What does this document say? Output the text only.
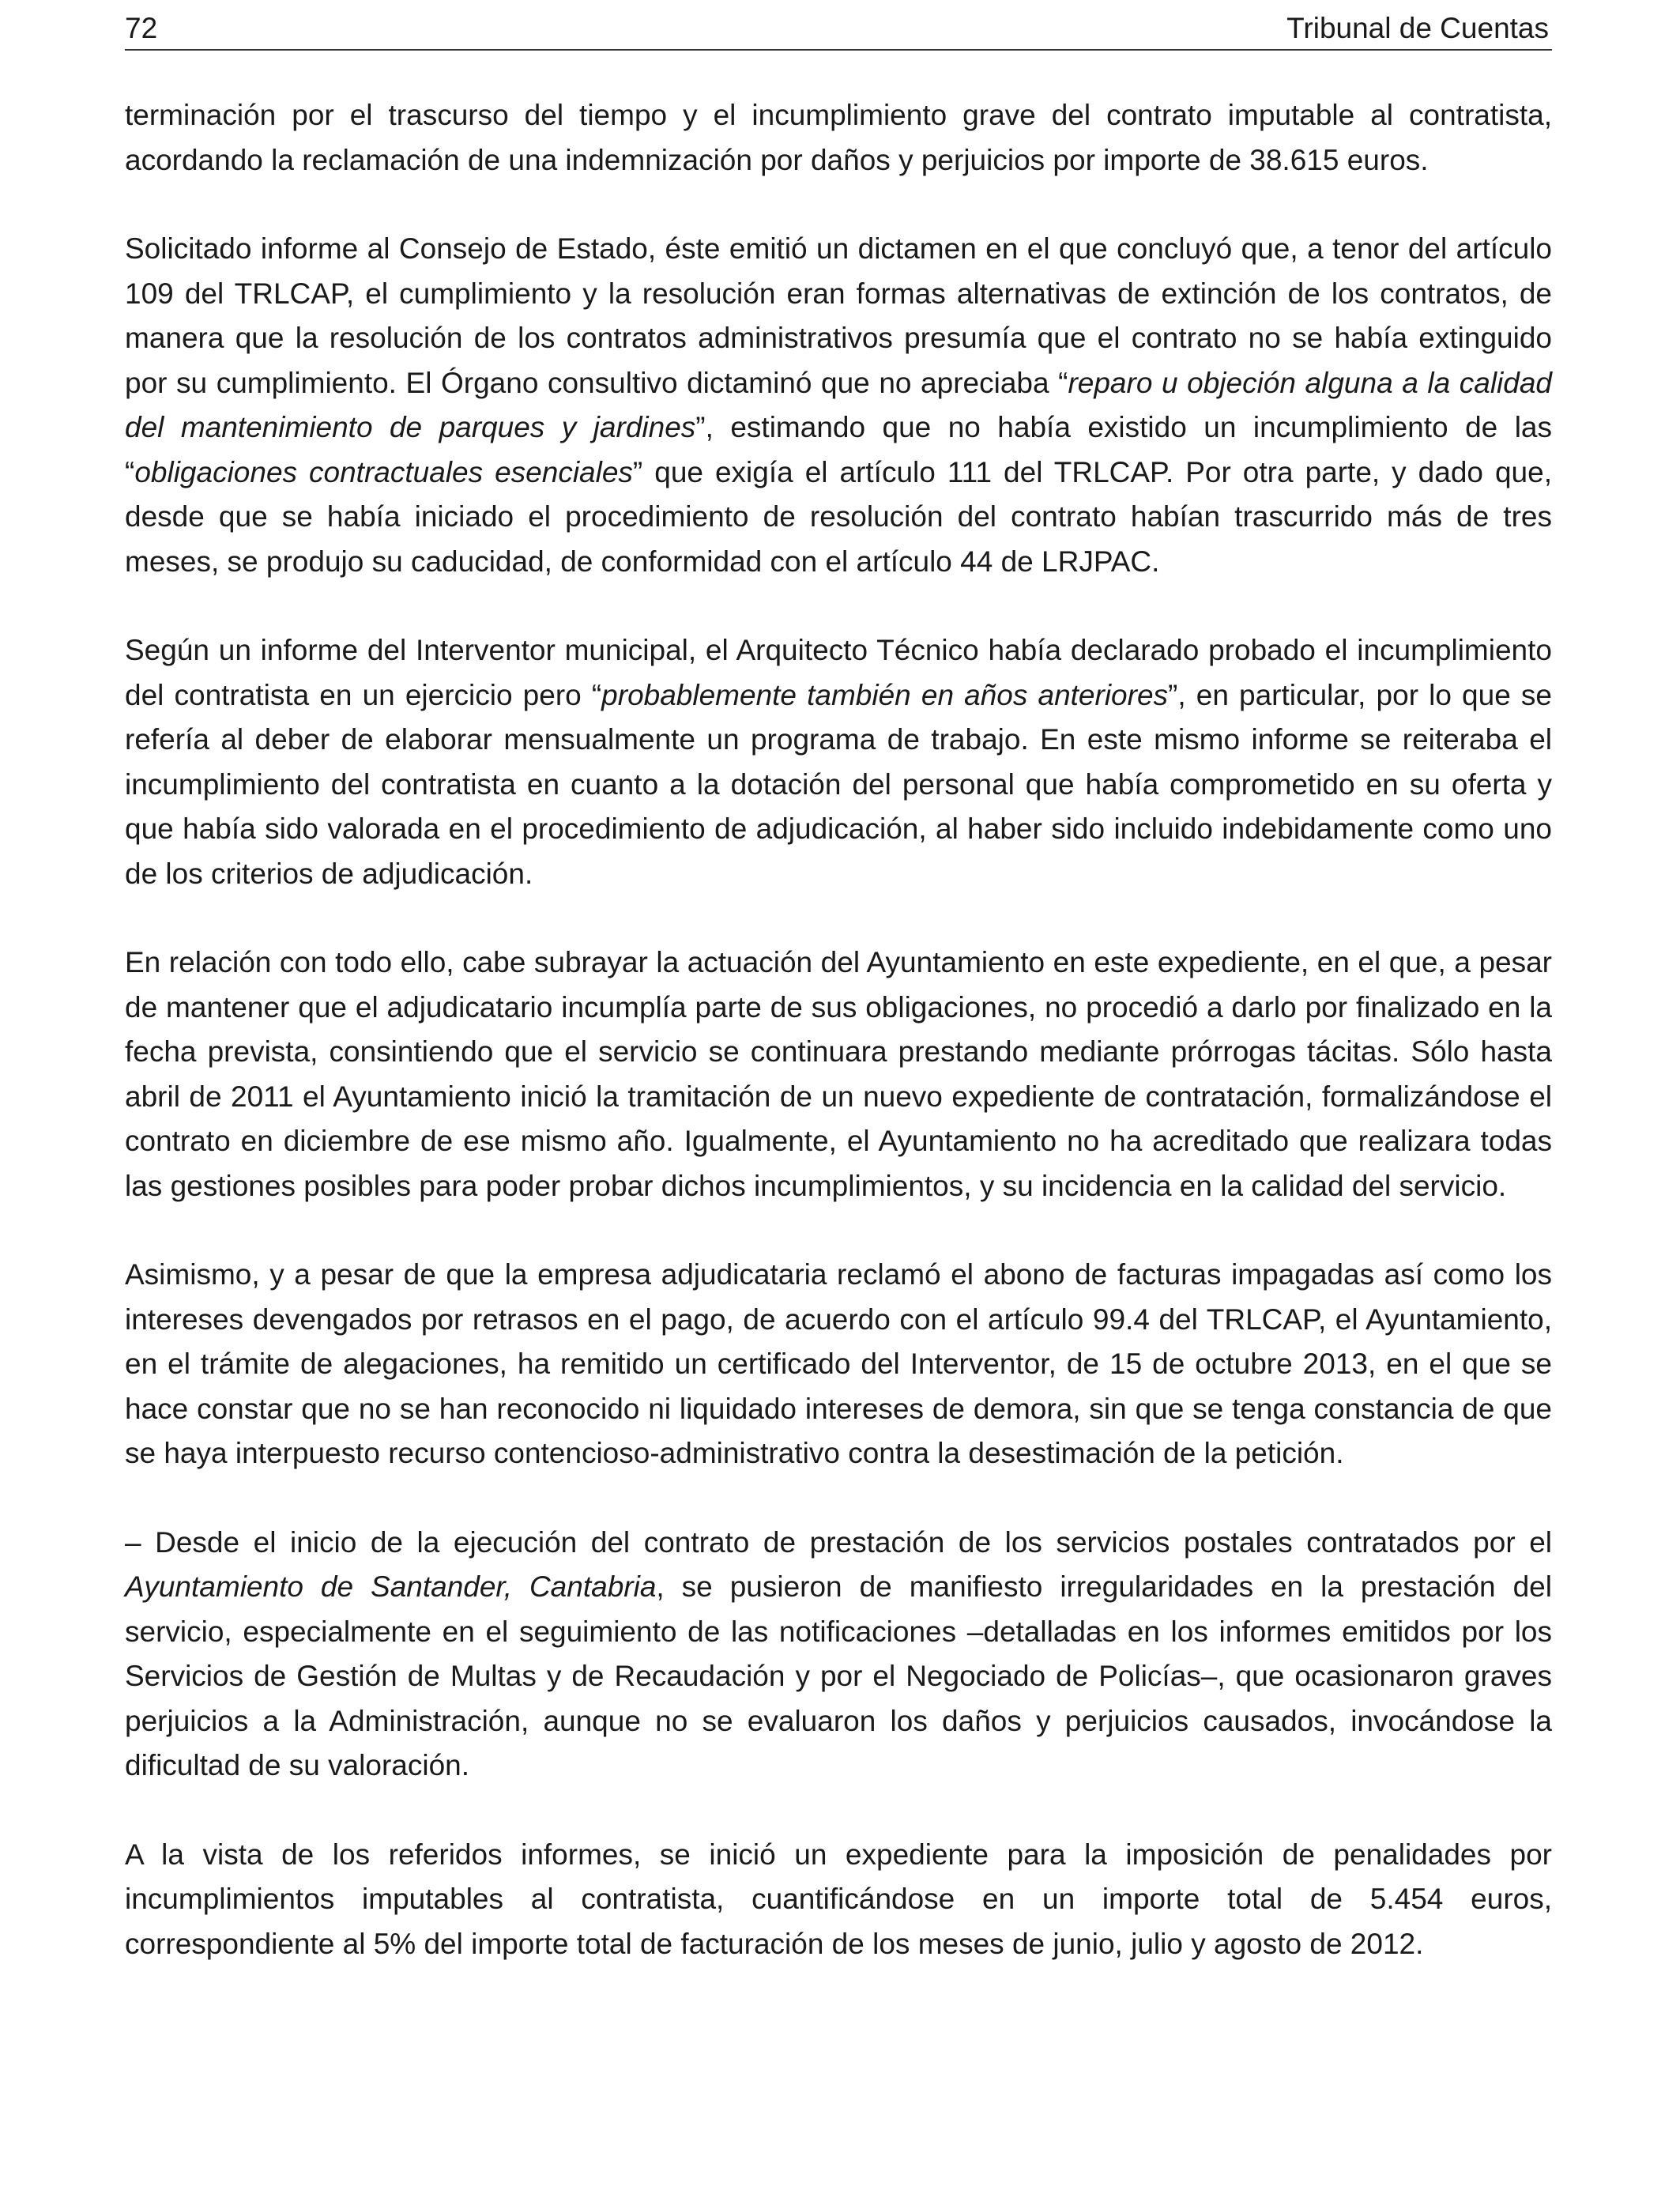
72	Tribunal de Cuentas

terminación por el trascurso del tiempo y el incumplimiento grave del contrato imputable al contratista, acordando la reclamación de una indemnización por daños y perjuicios por importe de 38.615 euros.

Solicitado informe al Consejo de Estado, éste emitió un dictamen en el que concluyó que, a tenor del artículo 109 del TRLCAP, el cumplimiento y la resolución eran formas alternativas de extinción de los contratos, de manera que la resolución de los contratos administrativos presumía que el contrato no se había extinguido por su cumplimiento. El Órgano consultivo dictaminó que no apreciaba “reparo u objeción alguna a la calidad del mantenimiento de parques y jardines”, estimando que no había existido un incumplimiento de las “obligaciones contractuales esenciales” que exigía el artículo 111 del TRLCAP. Por otra parte, y dado que, desde que se había iniciado el procedimiento de resolución del contrato habían trascurrido más de tres meses, se produjo su caducidad, de conformidad con el artículo 44 de LRJPAC.

Según un informe del Interventor municipal, el Arquitecto Técnico había declarado probado el incumplimiento del contratista en un ejercicio pero “probablemente también en años anteriores”, en particular, por lo que se refería al deber de elaborar mensualmente un programa de trabajo. En este mismo informe se reiteraba el incumplimiento del contratista en cuanto a la dotación del personal que había comprometido en su oferta y que había sido valorada en el procedimiento de adjudicación, al haber sido incluido indebidamente como uno de los criterios de adjudicación.

En relación con todo ello, cabe subrayar la actuación del Ayuntamiento en este expediente, en el que, a pesar de mantener que el adjudicatario incumplía parte de sus obligaciones, no procedió a darlo por finalizado en la fecha prevista, consintiendo que el servicio se continuara prestando mediante prórrogas tácitas. Sólo hasta abril de 2011 el Ayuntamiento inició la tramitación de un nuevo expediente de contratación, formalizándose el contrato en diciembre de ese mismo año. Igualmente, el Ayuntamiento no ha acreditado que realizara todas las gestiones posibles para poder probar dichos incumplimientos, y su incidencia en la calidad del servicio.

Asimismo, y a pesar de que la empresa adjudicataria reclamó el abono de facturas impagadas así como los intereses devengados por retrasos en el pago, de acuerdo con el artículo 99.4 del TRLCAP, el Ayuntamiento, en el trámite de alegaciones, ha remitido un certificado del Interventor, de 15 de octubre 2013, en el que se hace constar que no se han reconocido ni liquidado intereses de demora, sin que se tenga constancia de que se haya interpuesto recurso contencioso-administrativo contra la desestimación de la petición.

– Desde el inicio de la ejecución del contrato de prestación de los servicios postales contratados por el Ayuntamiento de Santander, Cantabria, se pusieron de manifiesto irregularidades en la prestación del servicio, especialmente en el seguimiento de las notificaciones –detalladas en los informes emitidos por los Servicios de Gestión de Multas y de Recaudación y por el Negociado de Policías–, que ocasionaron graves perjuicios a la Administración, aunque no se evaluaron los daños y perjuicios causados, invocándose la dificultad de su valoración.

A la vista de los referidos informes, se inició un expediente para la imposición de penalidades por incumplimientos imputables al contratista, cuantificándose en un importe total de 5.454 euros, correspondiente al 5% del importe total de facturación de los meses de junio, julio y agosto de 2012.
